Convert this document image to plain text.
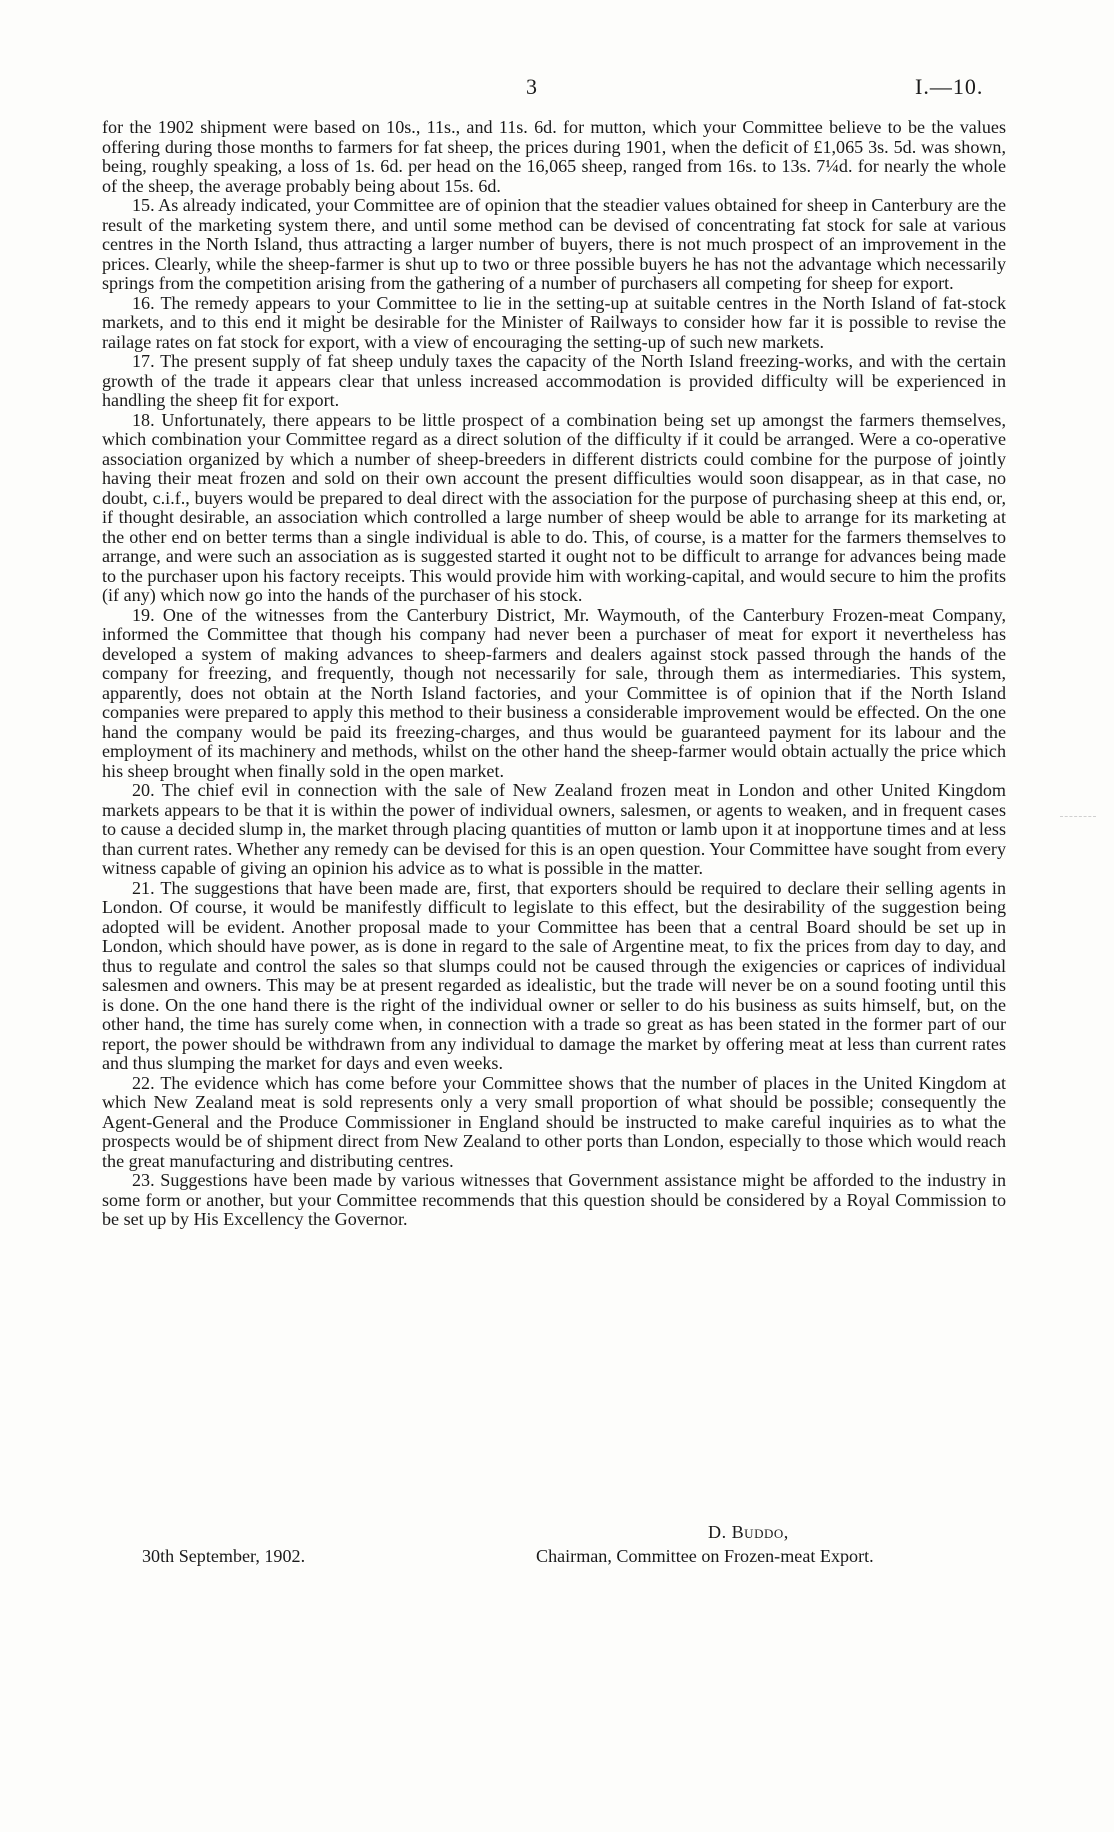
3	I.—10.

for the 1902 shipment were based on 10s., 11s., and 11s. 6d. for mutton, which your Committee believe to be the values offering during those months to farmers for fat sheep, the prices during 1901, when the deficit of £1,065 3s. 5d. was shown, being, roughly speaking, a loss of 1s. 6d. per head on the 16,065 sheep, ranged from 16s. to 13s. 7¼d. for nearly the whole of the sheep, the average probably being about 15s. 6d.

15. As already indicated, your Committee are of opinion that the steadier values obtained for sheep in Canterbury are the result of the marketing system there, and until some method can be devised of concentrating fat stock for sale at various centres in the North Island, thus attracting a larger number of buyers, there is not much prospect of an improvement in the prices. Clearly, while the sheep-farmer is shut up to two or three possible buyers he has not the advantage which necessarily springs from the competition arising from the gathering of a number of purchasers all competing for sheep for export.

16. The remedy appears to your Committee to lie in the setting-up at suitable centres in the North Island of fat-stock markets, and to this end it might be desirable for the Minister of Railways to consider how far it is possible to revise the railage rates on fat stock for export, with a view of encouraging the setting-up of such new markets.

17. The present supply of fat sheep unduly taxes the capacity of the North Island freezing-works, and with the certain growth of the trade it appears clear that unless increased accommodation is provided difficulty will be experienced in handling the sheep fit for export.

18. Unfortunately, there appears to be little prospect of a combination being set up amongst the farmers themselves, which combination your Committee regard as a direct solution of the difficulty if it could be arranged. Were a co-operative association organized by which a number of sheep-breeders in different districts could combine for the purpose of jointly having their meat frozen and sold on their own account the present difficulties would soon disappear, as in that case, no doubt, c.i.f., buyers would be prepared to deal direct with the association for the purpose of purchasing sheep at this end, or, if thought desirable, an association which controlled a large number of sheep would be able to arrange for its marketing at the other end on better terms than a single individual is able to do. This, of course, is a matter for the farmers themselves to arrange, and were such an association as is suggested started it ought not to be difficult to arrange for advances being made to the purchaser upon his factory receipts. This would provide him with working-capital, and would secure to him the profits (if any) which now go into the hands of the purchaser of his stock.

19. One of the witnesses from the Canterbury District, Mr. Waymouth, of the Canterbury Frozen-meat Company, informed the Committee that though his company had never been a purchaser of meat for export it nevertheless has developed a system of making advances to sheep-farmers and dealers against stock passed through the hands of the company for freezing, and frequently, though not necessarily for sale, through them as intermediaries. This system, apparently, does not obtain at the North Island factories, and your Committee is of opinion that if the North Island companies were prepared to apply this method to their business a considerable improvement would be effected. On the one hand the company would be paid its freezing-charges, and thus would be guaranteed payment for its labour and the employment of its machinery and methods, whilst on the other hand the sheep-farmer would obtain actually the price which his sheep brought when finally sold in the open market.

20. The chief evil in connection with the sale of New Zealand frozen meat in London and other United Kingdom markets appears to be that it is within the power of individual owners, salesmen, or agents to weaken, and in frequent cases to cause a decided slump in, the market through placing quantities of mutton or lamb upon it at inopportune times and at less than current rates. Whether any remedy can be devised for this is an open question. Your Committee have sought from every witness capable of giving an opinion his advice as to what is possible in the matter.

21. The suggestions that have been made are, first, that exporters should be required to declare their selling agents in London. Of course, it would be manifestly difficult to legislate to this effect, but the desirability of the suggestion being adopted will be evident. Another proposal made to your Committee has been that a central Board should be set up in London, which should have power, as is done in regard to the sale of Argentine meat, to fix the prices from day to day, and thus to regulate and control the sales so that slumps could not be caused through the exigencies or caprices of individual salesmen and owners. This may be at present regarded as idealistic, but the trade will never be on a sound footing until this is done. On the one hand there is the right of the individual owner or seller to do his business as suits himself, but, on the other hand, the time has surely come when, in connection with a trade so great as has been stated in the former part of our report, the power should be withdrawn from any individual to damage the market by offering meat at less than current rates and thus slumping the market for days and even weeks.

22. The evidence which has come before your Committee shows that the number of places in the United Kingdom at which New Zealand meat is sold represents only a very small proportion of what should be possible; consequently the Agent-General and the Produce Commissioner in England should be instructed to make careful inquiries as to what the prospects would be of shipment direct from New Zealand to other ports than London, especially to those which would reach the great manufacturing and distributing centres.

23. Suggestions have been made by various witnesses that Government assistance might be afforded to the industry in some form or another, but your Committee recommends that this question should be considered by a Royal Commission to be set up by His Excellency the Governor.

D. Buddo,
30th September, 1902.	Chairman, Committee on Frozen-meat Export.
